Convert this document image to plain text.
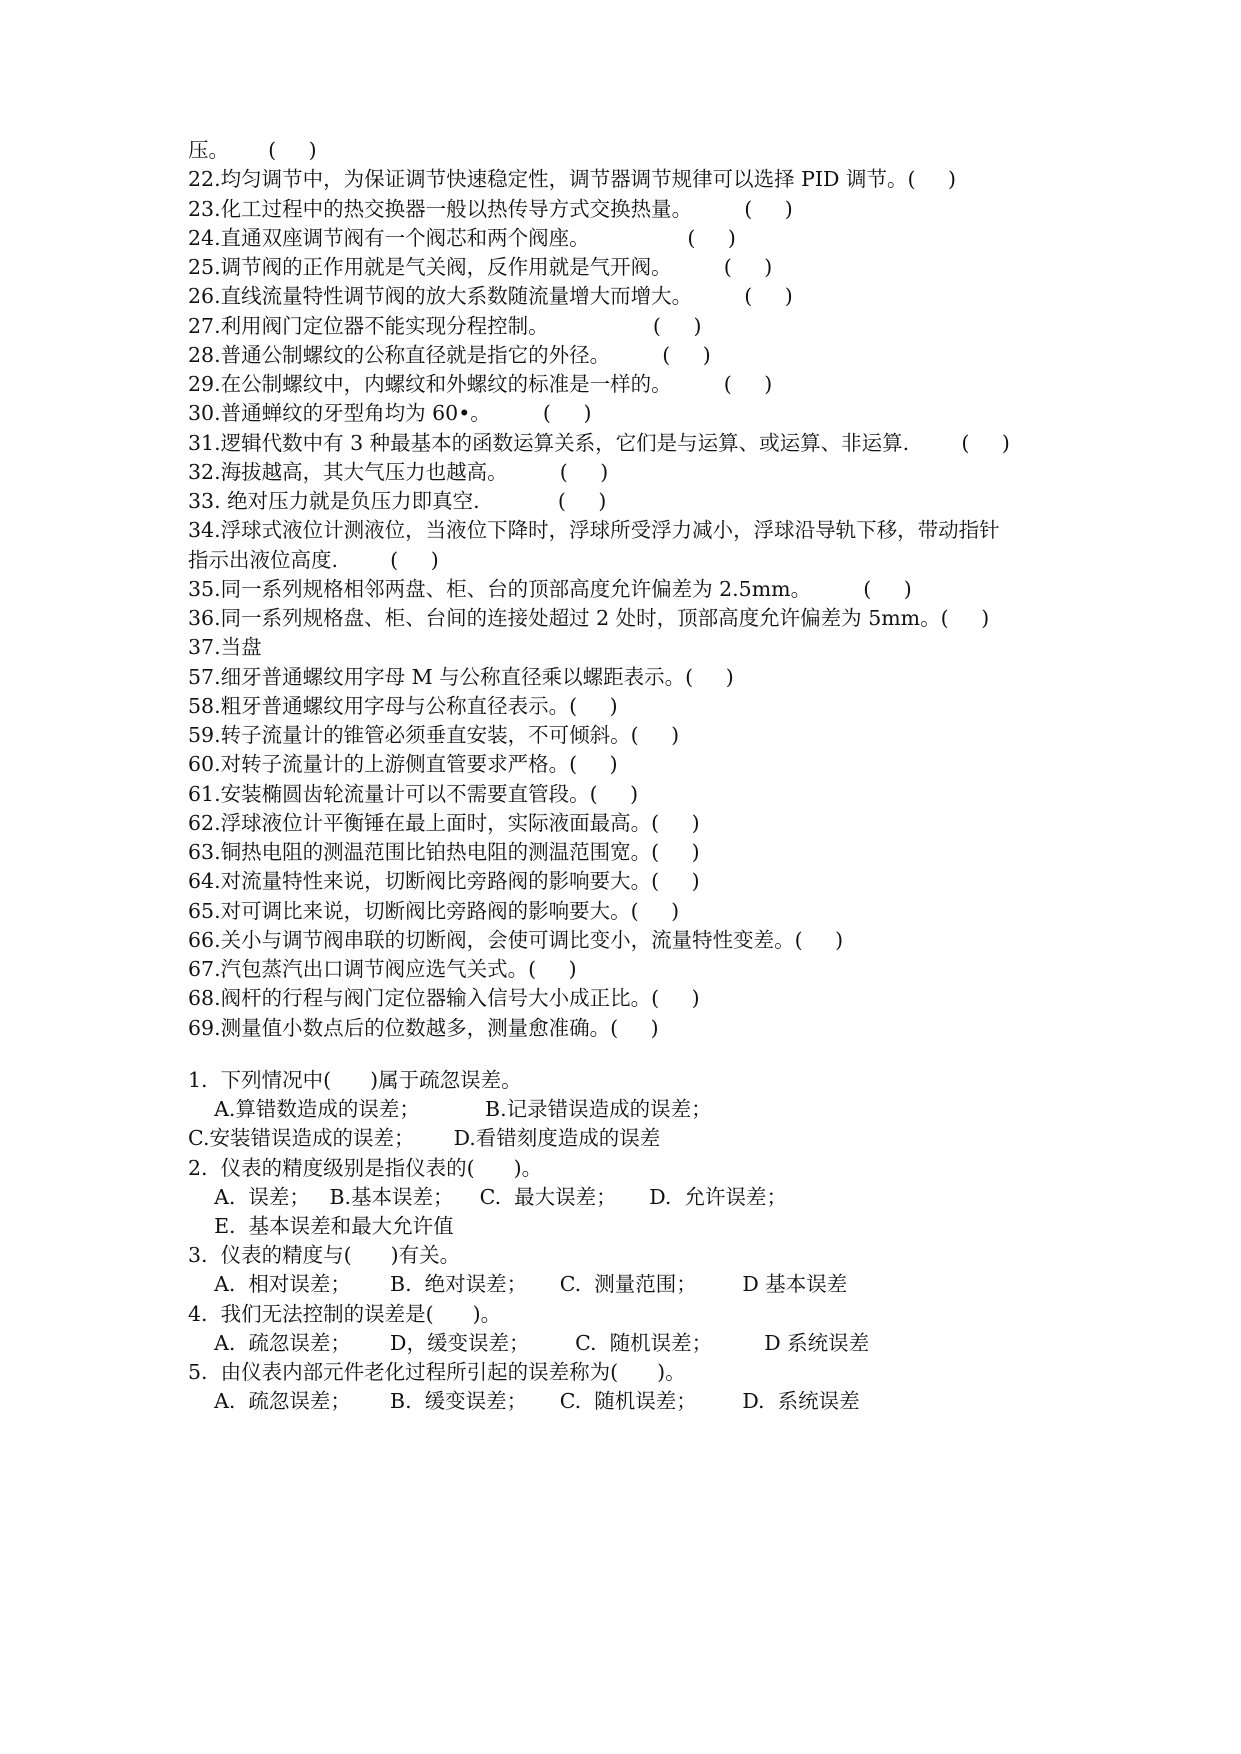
压。      (     )
22.均匀调节中，为保证调节快速稳定性，调节器调节规律可以选择 PID 调节。(     )
23.化工过程中的热交换器一般以热传导方式交换热量。        (     )
24.直通双座调节阀有一个阀芯和两个阀座。               (     )
25.调节阀的正作用就是气关阀，反作用就是气开阀。        (     )
26.直线流量特性调节阀的放大系数随流量增大而增大。        (     )
27.利用阀门定位器不能实现分程控制。                (     )
28.普通公制螺纹的公称直径就是指它的外径。        (     )
29.在公制螺纹中，内螺纹和外螺纹的标准是一样的。        (     )
30.普通蝉纹的牙型角均为 60•。        (     )
31.逻辑代数中有 3 种最基本的函数运算关系，它们是与运算、或运算、非运算.        (     )
32.海拔越高，其大气压力也越高。        (     )
33. 绝对压力就是负压力即真空.            (     )
34.浮球式液位计测液位，当液位下降时，浮球所受浮力减小，浮球沿导轨下移，带动指针
指示出液位高度.        (     )
35.同一系列规格相邻两盘、柜、台的顶部高度允许偏差为 2.5mm。        (     )
36.同一系列规格盘、柜、台间的连接处超过 2 处时，顶部高度允许偏差为 5mm。(     )
37.当盘
57.细牙普通螺纹用字母 M 与公称直径乘以螺距表示。(     )
58.粗牙普通螺纹用字母与公称直径表示。(     )
59.转子流量计的锥管必须垂直安装，不可倾斜。(     )
60.对转子流量计的上游侧直管要求严格。(     )
61.安装椭圆齿轮流量计可以不需要直管段。(     )
62.浮球液位计平衡锤在最上面时，实际液面最高。(     )
63.铜热电阻的测温范围比铂热电阻的测温范围宽。(     )
64.对流量特性来说，切断阀比旁路阀的影响要大。(     )
65.对可调比来说，切断阀比旁路阀的影响要大。(     )
66.关小与调节阀串联的切断阀，会使可调比变小，流量特性变差。(     )
67.汽包蒸汽出口调节阀应选气关式。(     )
68.阀杆的行程与阀门定位器输入信号大小成正比。(     )
69.测量值小数点后的位数越多，测量愈准确。(     )
1.  下列情况中(      )属于疏忽误差。
A.算错数造成的误差；          B.记录错误造成的误差；
C.安装错误造成的误差；      D.看错刻度造成的误差
2.  仪表的精度级别是指仪表的(      )。
A.  误差；   B.基本误差；    C.  最大误差；     D.  允许误差；
E.  基本误差和最大允许值
3.  仪表的精度与(      )有关。
A.  相对误差；      B.  绝对误差；     C.  测量范围；       D 基本误差
4.  我们无法控制的误差是(      )。
A.  疏忽误差；      D，缓变误差；       C.  随机误差；        D 系统误差
5.  由仪表内部元件老化过程所引起的误差称为(      )。
A.  疏忽误差；      B.  缓变误差；     C.  随机误差；       D.  系统误差
